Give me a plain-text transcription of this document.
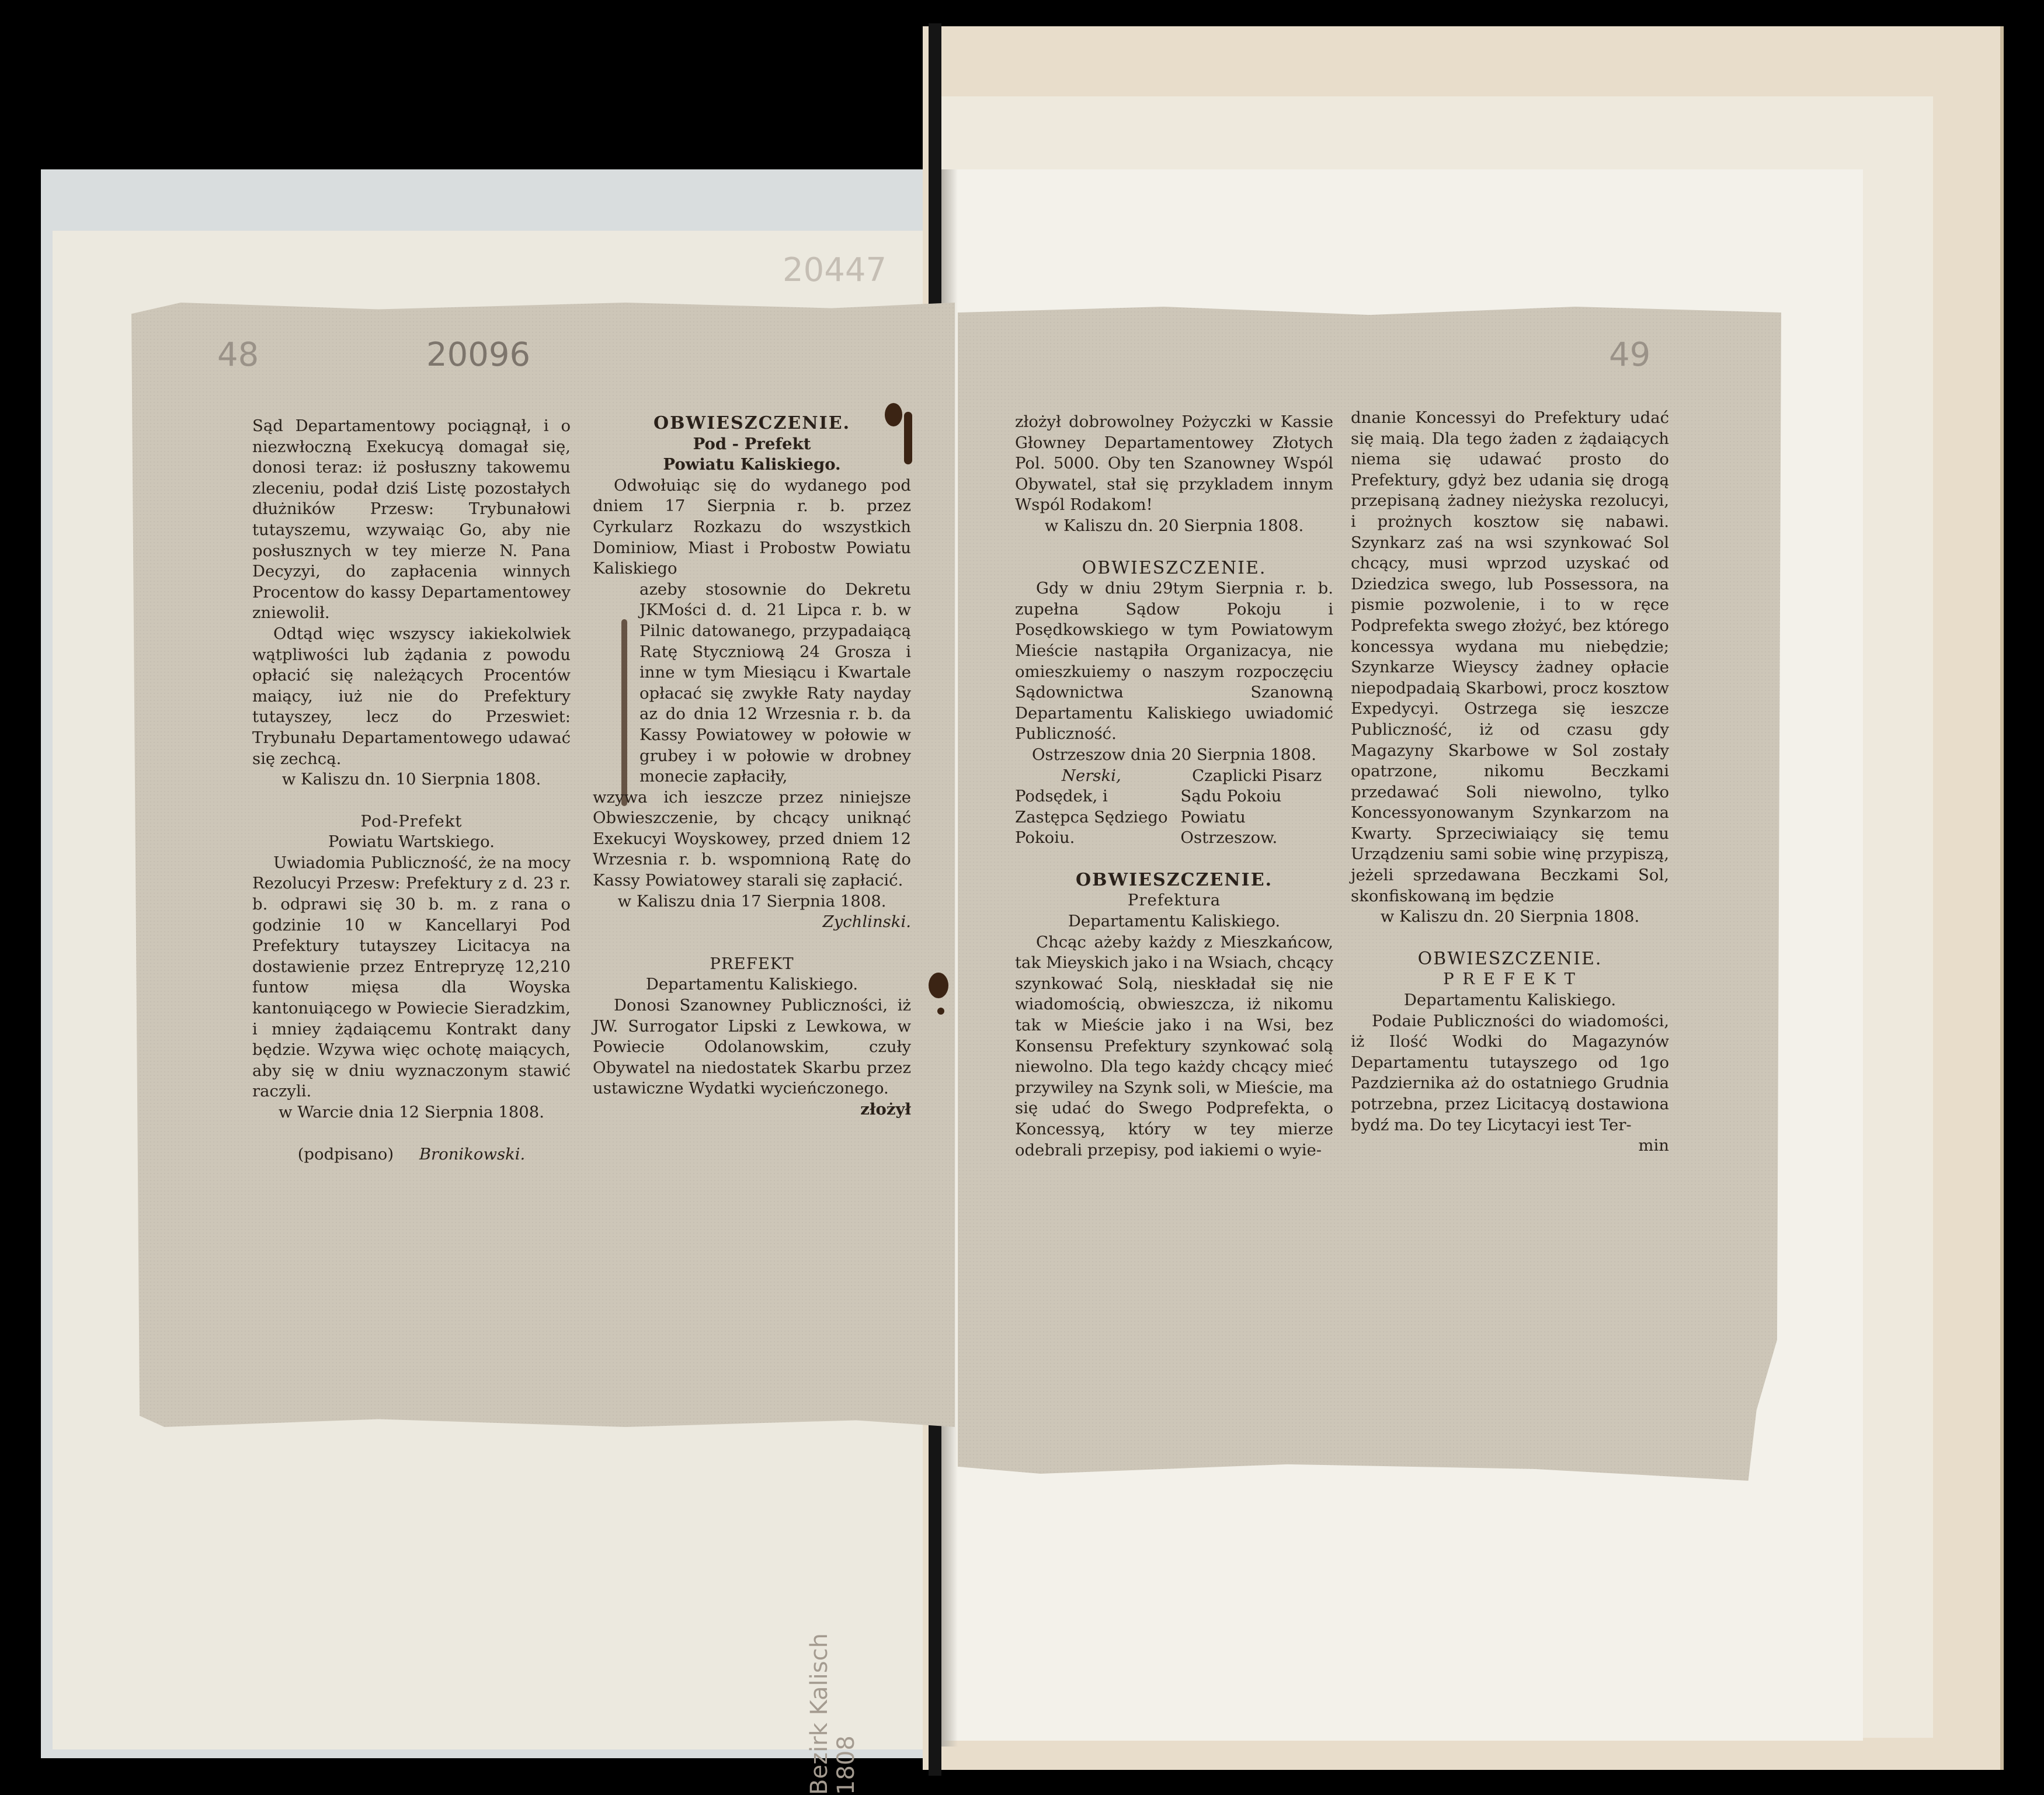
48	20096
20447
49
Bezirk Kalisch 1808

Sąd Departamentowy pociągnął, i o niezwłoczną Exekucyą domagał się, donosi teraz: iż posłuszny takowemu zleceniu, podał dziś Listę pozostałych dłużników Przesw: Trybunałowi tutayszemu, wzywaiąc Go, aby nie posłusznych w tey mierze N. Pana Decyzyi, do zapłacenia winnych Procentow do kassy Departamentowey zniewolił.

Odtąd więc wszyscy iakiekolwiek wątpliwości lub żądania z powodu opłacić się należących Procentów maiący, iuż nie do Prefektury tutayszey, lecz do Przeswiet: Trybunału Departamentowego udawać się zechcą.

w Kaliszu dn. 10 Sierpnia 1808.

Pod-Prefekt

Powiatu Wartskiego.

Uwiadomia Publiczność, że na mocy Rezolucyi Przesw: Prefektury z d. 23 r. b. odprawi się 30 b. m. z rana o godzinie 10 w Kancellaryi Pod Prefektury tutayszey Licitacya na dostawienie przez Entrepryzę 12,210 funtow mięsa dla Woyska kantonuiącego w Powiecie Sieradzkim, i mniey żądaiącemu Kontrakt dany będzie. Wzywa więc ochotę maiących, aby się w dniu wyznaczonym stawić raczyli.

w Warcie dnia 12 Sierpnia 1808.

(podpisano) Bronikowski.

OBWIESZCZENIE.

Pod - Prefekt

Powiatu Kaliskiego.

Odwołuiąc się do wydanego pod dniem 17 Sierpnia r. b. przez Cyrkularz Rozkazu do wszystkich Dominiow, Miast i Probostw Powiatu Kaliskiego

azeby stosownie do Dekretu JKMości d. d. 21 Lipca r. b. w Pilnic datowanego, przypadaiącą Ratę Styczniową 24 Grosza i inne w tym Miesiącu i Kwartale opłacać się zwykłe Raty nayday az do dnia 12 Wrzesnia r. b. da Kassy Powiatowey w połowie w grubey i w połowie w drobney monecie zapłaciły,

wzywa ich ieszcze przez niniejsze Obwieszczenie, by chcący uniknąć Exekucyi Woyskowey, przed dniem 12 Wrzesnia r. b. wspomnioną Ratę do Kassy Powiatowey starali się zapłacić.

w Kaliszu dnia 17 Sierpnia 1808.

Zychlinski.

PREFEKT

Departamentu Kaliskiego.

Donosi Szanowney Publiczności, iż JW. Surrogator Lipski z Lewkowa, w Powiecie Odolanowskim, czuły Obywatel na niedostatek Skarbu przez ustawiczne Wydatki wycieńczonego.

złożył

złożył dobrowolney Pożyczki w Kassie Głowney Departamentowey Złotych Pol. 5000. Oby ten Szanowney Wspól Obywatel, stał się przykladem innym Wspól Rodakom!

w Kaliszu dn. 20 Sierpnia 1808.

OBWIESZCZENIE.

Gdy w dniu 29tym Sierpnia r. b. zupełna Sądow Pokoju i Posędkowskiego w tym Powiatowym Mieście nastąpiła Organizacya, nie omieszkuiemy o naszym rozpoczęciu Sądownictwa Szanowną Departamentu Kaliskiego uwiadomić Publiczność.

Ostrzeszow dnia 20 Sierpnia 1808.

Nerski,

Podsędek, i Zastępca Sędziego Pokoiu.

Czaplicki Pisarz

Sądu Pokoiu Powiatu Ostrzeszow.

OBWIESZCZENIE.

Prefektura

Departamentu Kaliskiego.

Chcąc ażeby każdy z Mieszkańcow, tak Mieyskich jako i na Wsiach, chcący szynkować Solą, nieskładał się nie wiadomością, obwieszcza, iż nikomu tak w Mieście jako i na Wsi, bez Konsensu Prefektury szynkować solą niewolno. Dla tego każdy chcący mieć przywiley na Szynk soli, w Mieście, ma się udać do Swego Podprefekta, o Koncessyą, który w tey mierze odebrali przepisy, pod iakiemi o wyie-

dnanie Koncessyi do Prefektury udać się maią. Dla tego żaden z żądaiących niema się udawać prosto do Prefektury, gdyż bez udania się drogą przepisaną żadney nieżyska rezolucyi, i prożnych kosztow się nabawi. Szynkarz zaś na wsi szynkować Sol chcący, musi wprzod uzyskać od Dziedzica swego, lub Possessora, na pismie pozwolenie, i to w ręce Podprefekta swego złożyć, bez którego koncessya wydana mu niebędzie; Szynkarze Wieyscy żadney opłacie niepodpadaią Skarbowi, procz kosztow Expedycyi. Ostrzega się ieszcze Publiczność, iż od czasu gdy Magazyny Skarbowe w Sol zostały opatrzone, nikomu Beczkami przedawać Soli niewolno, tylko Koncessyonowanym Szynkarzom na Kwarty. Sprzeciwiaiący się temu Urządzeniu sami sobie winę przypiszą, jeżeli sprzedawana Beczkami Sol, skonfiskowaną im będzie

w Kaliszu dn. 20 Sierpnia 1808.

OBWIESZCZENIE.

P R E F E K T

Departamentu Kaliskiego.

Podaie Publiczności do wiadomości, iż Ilość Wodki do Magazynów Departamentu tutayszego od 1go Pazdziernika aż do ostatniego Grudnia potrzebna, przez Licitacyą dostawiona bydź ma. Do tey Licytacyi iest Ter-

min
